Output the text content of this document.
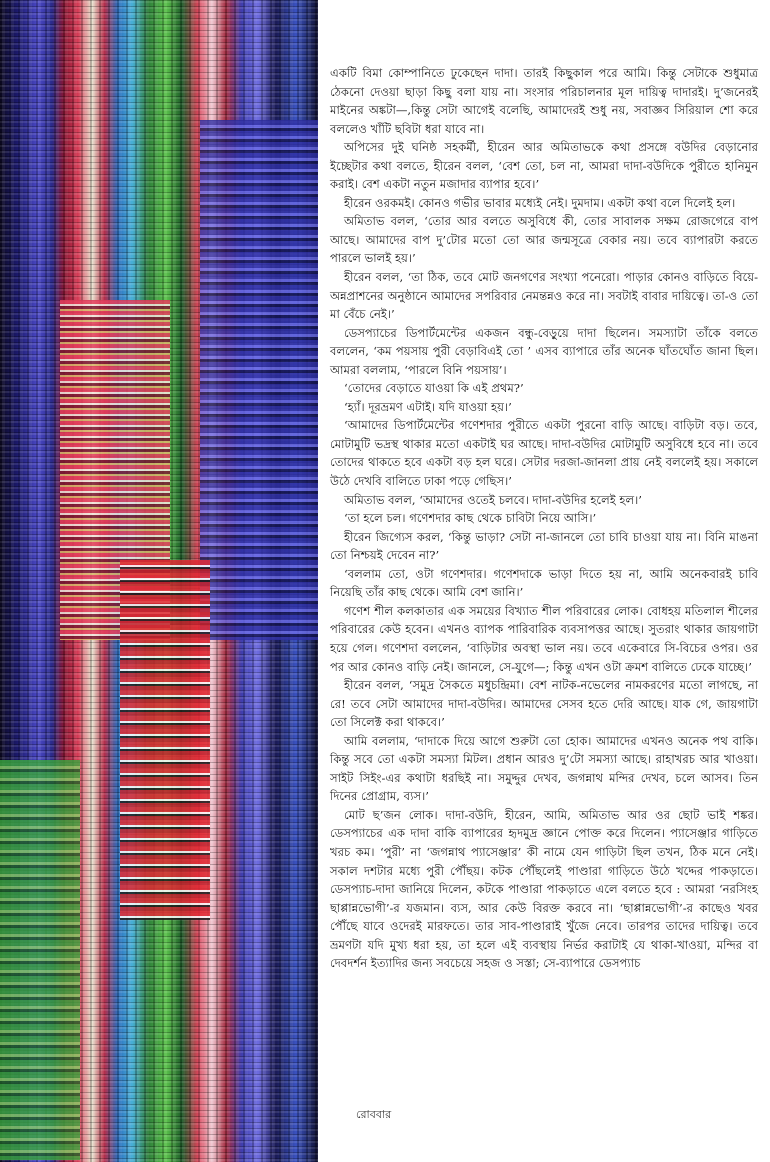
একটি বিমা কোম্পানিতে ঢুকেছেন দাদা। তারই কিছুকাল পরে আমি। কিন্তু সেটাকে শুধুমাত্র ঠেকনো দেওয়া ছাড়া কিছু বলা যায় না। সংসার পরিচালনার মূল দায়িত্ব দাদারই। দু’জনেরই মাইনের অঙ্কটা—,কিন্তু সেটা আগেই বলেছি, আমাদেরই শুধু নয়, সবাজ্ঞব সিরিয়াল শো করে বললেও খাঁটি ছবিটা ধরা যাবে না।

অপিসের দুই ঘনিষ্ঠ সহকর্মী, হীরেন আর অমিতাভকে কথা প্রসঙ্গে বউদির বেড়ানোর ইচ্ছেটার কথা বলতে, হীরেন বলল, ‘বেশ তো, চল না, আমরা দাদা-বউদিকে পুরীতে হানিমুন করাই। বেশ একটা নতুন মজাদার ব্যাপার হবে।’

হীরেন ওরকমই। কোনও গভীর ভাবার মধ্যেই নেই। দুমদাম। একটা কথা বলে দিলেই হল।

অমিতাভ বলল, ‘তোর আর বলতে অসুবিধে কী, তোর সাবালক সক্ষম রোজগেরে বাপ আছে। আমাদের বাপ দু’টোর মতো তো আর জন্মসূত্রে বেকার নয়। তবে ব্যাপারটা করতে পারলে ভালই হয়।’

হীরেন বলল, ‘তা ঠিক, তবে মোট জনগণের সংখ্যা পনেরো। পাড়ার কোনও বাড়িতে বিয়ে-অন্নপ্রাশনের অনুষ্ঠানে আমাদের সপরিবার নেমন্তন্নও করে না। সবটাই বাবার দায়িত্বে। তা-ও তো মা বেঁচে নেই।’

ডেসপ্যাচের ডিপার্টমেন্টের একজন বন্ধু-বেড়ুয়ে দাদা ছিলেন। সমস্যাটা তাঁকে বলতে বললেন, ‘কম পয়সায় পুরী বেড়াবিএই তো ’ এসব ব্যাপারে তাঁর অনেক ঘাঁতঘোঁত জানা ছিল। আমরা বললাম, ‘পারলে বিনি পয়সায়’।

‘তোদের বেড়াতে যাওয়া কি এই প্রথম?’

‘হ্যাঁ। দূরভ্রমণ এটাই। যদি যাওয়া হয়।’

‘আমাদের ডিপার্টমেন্টের গণেশদার পুরীতে একটা পুরনো বাড়ি আছে। বাড়িটা বড়। তবে, মোটামুটি ভদ্রস্থ থাকার মতো একটাই ঘর আছে। দাদা-বউদির মোটামুটি অসুবিধে হবে না। তবে তোদের থাকতে হবে একটা বড় হল ঘরে। সেটার দরজা-জানলা প্রায় নেই বললেই হয়। সকালে উঠে দেখবি বালিতে ঢাকা পড়ে গেছিস।’

অমিতাভ বলল, ‘আমাদের ওতেই চলবে। দাদা-বউদির হলেই হল।’

‘তা হলে চল। গণেশদার কাছ থেকে চাবিটা নিয়ে আসি।’

হীরেন জিগ্যেস করল, ‘কিন্তু ভাড়া? সেটা না-জানলে তো চাবি চাওয়া যায় না। বিনি মাঙনা তো নিশ্চয়ই দেবেন না?’

‘বললাম তো, ওটা গণেশদার। গণেশদাকে ভাড়া দিতে হয় না, আমি অনেকবারই চাবি নিয়েছি তাঁর কাছ থেকে। আমি বেশ জানি।’

গণেশ শীল কলকাতার এক সময়ের বিখ্যাত শীল পরিবারের লোক। বোধহয় মতিলাল শীলের পরিবারের কেউ হবেন। এখনও ব্যাপক পারিবারিক ব্যবসাপত্তর আছে। সুতরাং থাকার জায়গাটা হয়ে গেল। গণেশদা বললেন, ‘বাড়িটার অবস্থা ভাল নয়। তবে একেবারে সি-বিচের ওপর। ওর পর আর কোনও বাড়ি নেই। জানলে, সে-যুগে—; কিন্তু এখন ওটা ক্রমশ বালিতে ঢেকে যাচ্ছে।’

হীরেন বলল, ‘সমুদ্র সৈকতে মধুচন্দ্রিমা। বেশ নাটক-নভেলের নামকরণের মতো লাগছে, না রে! তবে সেটা আমাদের দাদা-বউদির। আমাদের সেসব হতে দেরি আছে। যাক গে, জায়গাটা তো সিলেক্ট করা থাকবে।’

আমি বললাম, ‘দাদাকে দিয়ে আগে শুরুটা তো হোক। আমাদের এখনও অনেক পথ বাকি। কিন্তু সবে তো একটা সমস্যা মিটল। প্রধান আরও দু’টো সমস্যা আছে। রাহাখরচ আর খাওয়া। সাইট সিইং-এর কথাটা ধরছিই না। সমুদ্দুর দেখব, জগন্নাথ মন্দির দেখব, চলে আসব। তিন দিনের প্রোগ্রাম, ব্যস।’

মোট ছ’জন লোক। দাদা-বউদি, হীরেন, আমি, অমিতাভ আর ওর ছোট ভাই শঙ্কর। ডেসপ্যাচের এক দাদা বাকি ব্যাপারের হৃদমুদ্র জ্ঞানে পোক্ত করে দিলেন। প্যাসেঞ্জার গাড়িতে খরচ কম। ‘পুরী’ না ‘জগন্নাথ প্যাসেঞ্জার’ কী নামে যেন গাড়িটা ছিল তখন, ঠিক মনে নেই। সকাল দশটার মধ্যে পুরী পৌঁছয়। কটক পৌঁছলেই পাণ্ডারা গাড়িতে উঠে খদ্দের পাকড়াতে। ডেসপ্যাচ-দাদা জানিয়ে দিলেন, কটকে পাণ্ডারা পাকড়াতে এলে বলতে হবে : আমরা ‘নরসিংহ ছাপ্পান্নভোগী’-র যজমান। ব্যস, আর কেউ বিরক্ত করবে না। ‘ছাপ্পান্নভোগী’-র কাছেও খবর পৌঁছে যাবে ওদেরই মারফতে। তার সাব-পাণ্ডারাই খুঁজে নেবে। তারপর তাদের দায়িত্ব। তবে ভ্রমণটা যদি মুখ্য ধরা হয়, তা হলে এই ব্যবস্থায় নির্ভর করাটাই যে থাকা-খাওয়া, মন্দির বা দেবদর্শন ইত্যাদির জন্য সবচেয়ে সহজ ও সস্তা; সে-ব্যাপারে ডেসপ্যাচ

রোববার
